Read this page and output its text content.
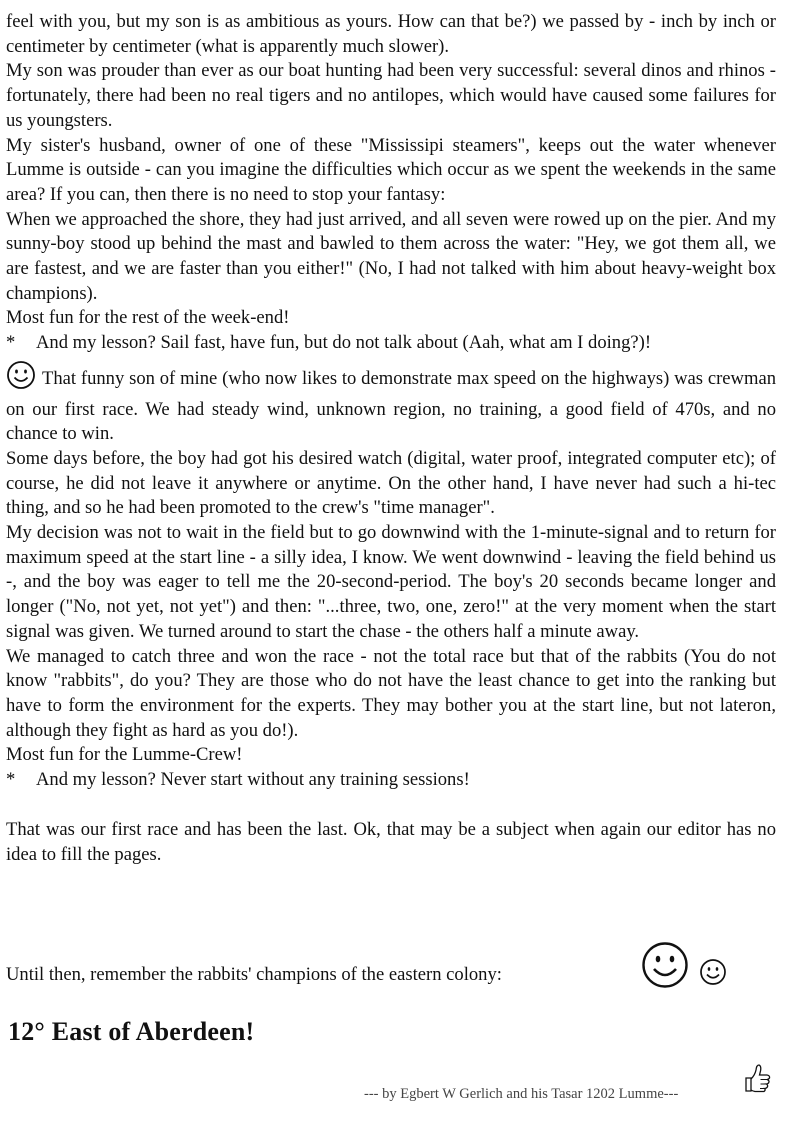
feel with you, but my son is as ambitious as yours. How can that be?) we passed by - inch by inch or centimeter by centimeter (what is apparently much slower).

My son was prouder than ever as our boat hunting had been very successful: several dinos and rhinos - fortunately, there had been no real tigers and no antilopes, which would have caused some failures for us youngsters.

My sister's husband, owner of one of these "Mississipi steamers", keeps out the water whenever Lumme is outside - can you imagine the difficulties which occur as we spent the weekends in the same area? If you can, then there is no need to stop your fantasy:

When we approached the shore, they had just arrived, and all seven were rowed up on the pier. And my sunny-boy stood up behind the mast and bawled to them across the water: "Hey, we got them all, we are fastest, and we are faster than you either!" (No, I had not talked with him about heavy-weight box champions).

Most fun for the rest of the week-end!

* And my lesson? Sail fast, have fun, but do not talk about (Aah, what am I doing?)!

That funny son of mine (who now likes to demonstrate max speed on the highways) was crewman on our first race. We had steady wind, unknown region, no training, a good field of 470s, and no chance to win.

Some days before, the boy had got his desired watch (digital, water proof, integrated computer etc); of course, he did not leave it anywhere or anytime. On the other hand, I have never had such a hi-tec thing, and so he had been promoted to the crew's "time manager".

My decision was not to wait in the field but to go downwind with the 1-minute-signal and to return for maximum speed at the start line - a silly idea, I know. We went downwind - leaving the field behind us -, and the boy was eager to tell me the 20-second-period. The boy's 20 seconds became longer and longer ("No, not yet, not yet") and then: "...three, two, one, zero!" at the very moment when the start signal was given. We turned around to start the chase - the others half a minute away.

We managed to catch three and won the race - not the total race but that of the rabbits (You do not know "rabbits", do you? They are those who do not have the least chance to get into the ranking but have to form the environment for the experts. They may bother you at the start line, but not lateron, although they fight as hard as you do!).

Most fun for the Lumme-Crew!

* And my lesson? Never start without any training sessions!

That was our first race and has been the last. Ok, that may be a subject when again our editor has no idea to fill the pages.

Until then, remember the rabbits' champions of the eastern colony:
12° East of Aberdeen!
--- by Egbert W Gerlich and his Tasar 1202 Lumme---
